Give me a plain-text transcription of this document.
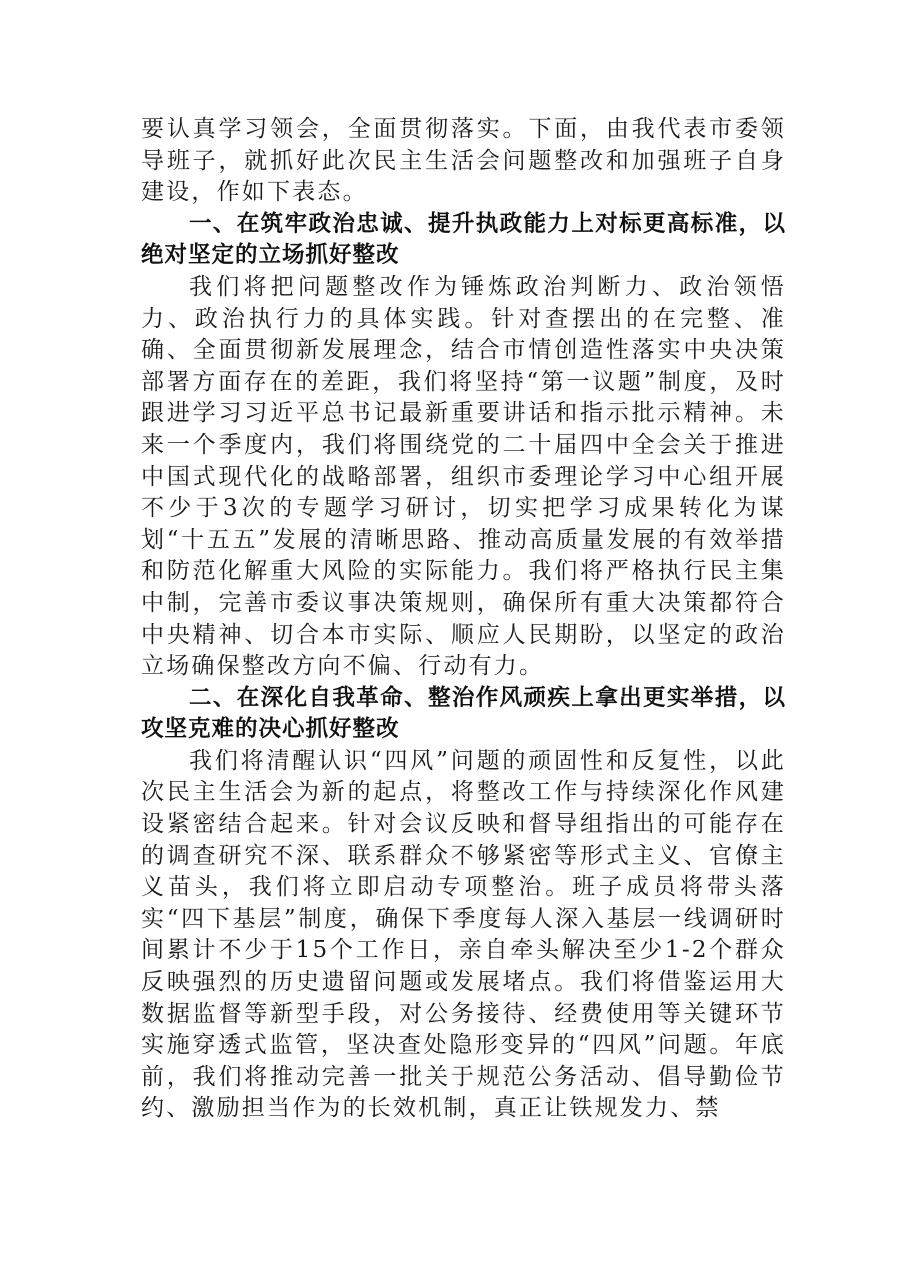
要认真学习领会，全面贯彻落实。下面，由我代表市委领导班子，就抓好此次民主生活会问题整改和加强班子自身建设，作如下表态。

一、在筑牢政治忠诚、提升执政能力上对标更高标准，以绝对坚定的立场抓好整改

我们将把问题整改作为锤炼政治判断力、政治领悟力、政治执行力的具体实践。针对查摆出的在完整、准确、全面贯彻新发展理念，结合市情创造性落实中央决策部署方面存在的差距，我们将坚持“第一议题”制度，及时跟进学习习近平总书记最新重要讲话和指示批示精神。未来一个季度内，我们将围绕党的二十届四中全会关于推进中国式现代化的战略部署，组织市委理论学习中心组开展不少于3次的专题学习研讨，切实把学习成果转化为谋划“十五五”发展的清晰思路、推动高质量发展的有效举措和防范化解重大风险的实际能力。我们将严格执行民主集中制，完善市委议事决策规则，确保所有重大决策都符合中央精神、切合本市实际、顺应人民期盼，以坚定的政治立场确保整改方向不偏、行动有力。

二、在深化自我革命、整治作风顽疾上拿出更实举措，以攻坚克难的决心抓好整改

我们将清醒认识“四风”问题的顽固性和反复性，以此次民主生活会为新的起点，将整改工作与持续深化作风建设紧密结合起来。针对会议反映和督导组指出的可能存在的调查研究不深、联系群众不够紧密等形式主义、官僚主义苗头，我们将立即启动专项整治。班子成员将带头落实“四下基层”制度，确保下季度每人深入基层一线调研时间累计不少于15个工作日，亲自牵头解决至少1-2个群众反映强烈的历史遗留问题或发展堵点。我们将借鉴运用大数据监督等新型手段，对公务接待、经费使用等关键环节实施穿透式监管，坚决查处隐形变异的“四风”问题。年底前，我们将推动完善一批关于规范公务活动、倡导勤俭节约、激励担当作为的长效机制，真正让铁规发力、禁
